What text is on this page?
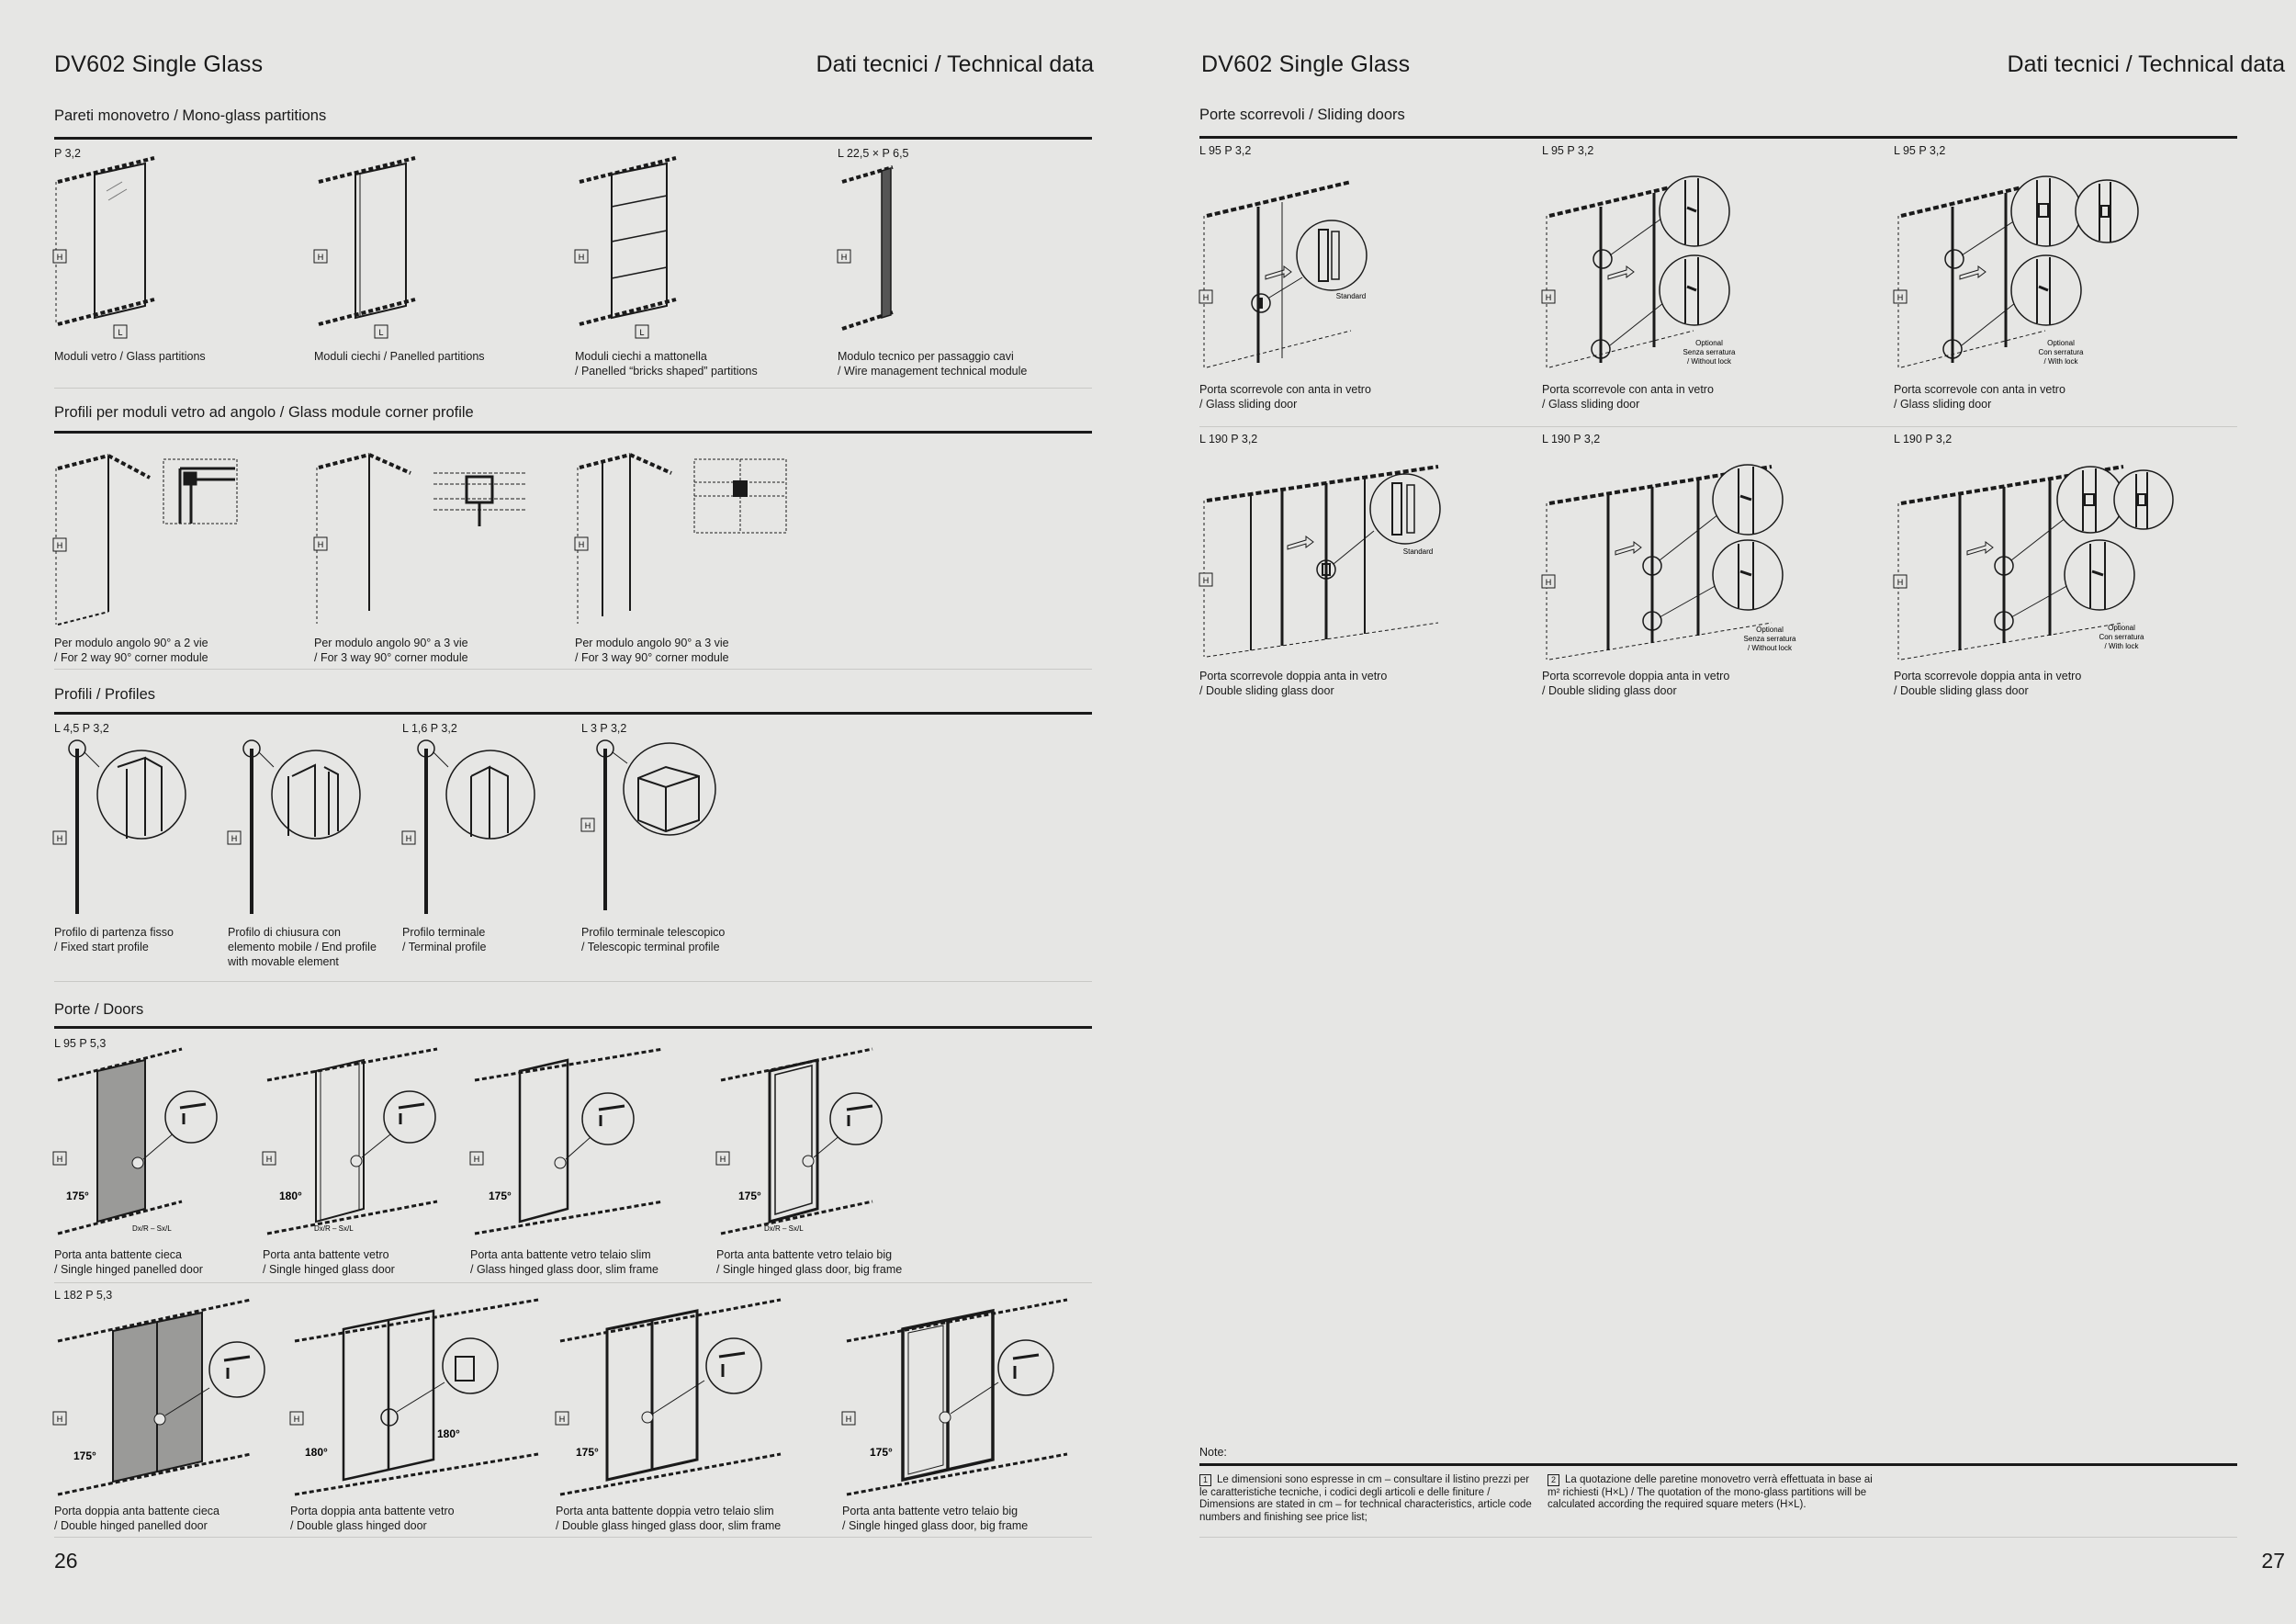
DV602 Single Glass	Dati tecnici / Technical data
Pareti monovetro / Mono-glass partitions
P 3,2	L 22,5 × P 6,5
H
L
H
L
H
L
H
Moduli vetro / Glass partitions	Moduli ciechi / Panelled partitions	Moduli ciechi a mattonella
/ Panelled “bricks shaped” partitions
Modulo tecnico per passaggio cavi
/ Wire management technical module
Profili per moduli vetro ad angolo / Glass module corner profile
H	H	H
Per modulo angolo 90° a 2 vie
/ For 2 way 90° corner module
Per modulo angolo 90° a 3 vie
/ For 3 way 90° corner module
Per modulo angolo 90° a 3 vie
/ For 3 way 90° corner module
Profili / Profiles
L 4,5 P 3,2	L 1,6 P 3,2	L 3 P 3,2
H	H	H
H
Profilo di partenza fisso
/ Fixed start profile
Profilo di chiusura con
elemento mobile / End profile
with movable element
Profilo terminale
/ Terminal profile
Profilo terminale telescopico
/ Telescopic terminal profile
Porte / Doors
L 95 P 5,3
H
175°
Dx/R – Sx/L
H
180°
Dx/R – Sx/L
H
175°
H
175°
Dx/R – Sx/L
Porta anta battente cieca
/ Single hinged panelled door
Porta anta battente vetro
/ Single hinged glass door
Porta anta battente vetro telaio slim
/ Glass hinged glass door, slim frame
Porta anta battente vetro telaio big
/ Single hinged glass door, big frame
L 182 P 5,3
H
175°
H
180°
180°
H
175°
H
175°
Porta doppia anta battente cieca
/ Double hinged panelled door
Porta doppia anta battente vetro
/ Double glass hinged door
Porta anta battente doppia vetro telaio slim
/ Double glass hinged glass door, slim frame
Porta anta battente vetro telaio big
/ Single hinged glass door, big frame
26
DV602 Single Glass	Dati tecnici / Technical data
Porte scorrevoli / Sliding doors
L 95 P 3,2	L 95 P 3,2	L 95 P 3,2
H	Standard	H
Optional
Senza serratura
/ Without lock
H
Optional
Con serratura
/ With lock
Porta scorrevole con anta in vetro
/ Glass sliding door
Porta scorrevole con anta in vetro
/ Glass sliding door
Porta scorrevole con anta in vetro
/ Glass sliding door
L 190 P 3,2	L 190 P 3,2	L 190 P 3,2
H
Standard
H
Optional
Senza serratura
/ Without lock
H
Optional
Con serratura
/ With lock
Porta scorrevole doppia anta in vetro
/ Double sliding glass door
Porta scorrevole doppia anta in vetro
/ Double sliding glass door
Porta scorrevole doppia anta in vetro
/ Double sliding glass door
Note:
1 Le dimensioni sono espresse in cm – consultare il listino prezzi per le caratteristiche tecniche, i codici degli articoli e delle finiture / Dimensions are stated in cm – for technical characteristics, article code numbers and finishing see price list;
2 La quotazione delle paretine monovetro verrà effettuata in base ai m² richiesti (H×L) / The quotation of the mono-glass partitions will be calculated according the required square meters (H×L).
27
